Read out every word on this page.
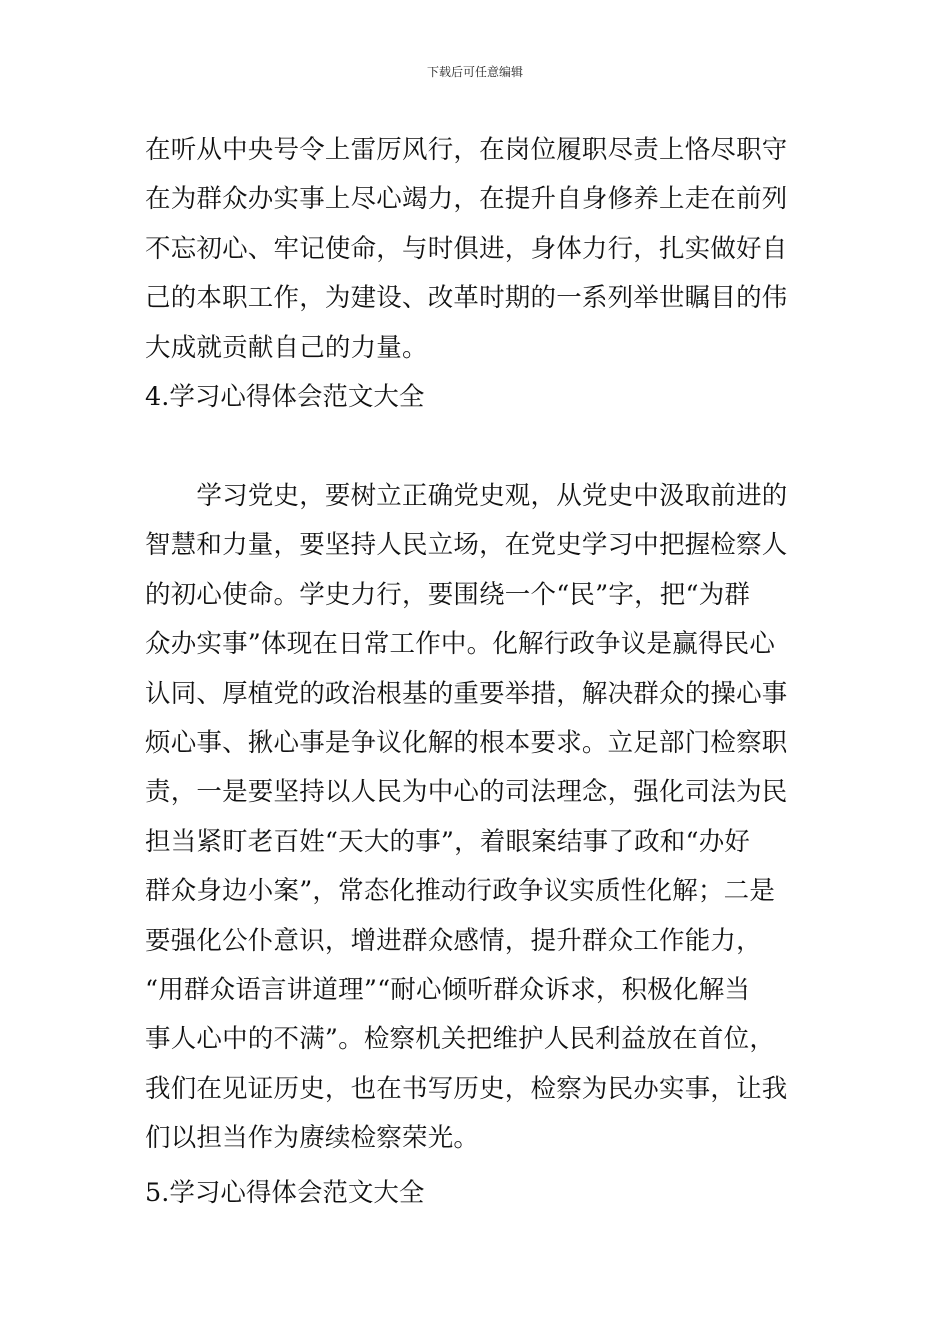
下载后可任意编辑
在听从中央号令上雷厉风行，在岗位履职尽责上恪尽职守
在为群众办实事上尽心竭力，在提升自身修养上走在前列
不忘初心、牢记使命，与时俱进，身体力行，扎实做好自
己的本职工作，为建设、改革时期的一系列举世瞩目的伟
大成就贡献自己的力量。
4.学习心得体会范文大全
　　学习党史，要树立正确党史观，从党史中汲取前进的
智慧和力量，要坚持人民立场，在党史学习中把握检察人
的初心使命。学史力行，要围绕一个“民”字，把“为群
众办实事”体现在日常工作中。化解行政争议是赢得民心
认同、厚植党的政治根基的重要举措，解决群众的操心事
烦心事、揪心事是争议化解的根本要求。立足部门检察职
责，一是要坚持以人民为中心的司法理念，强化司法为民
担当紧盯老百姓“天大的事”，着眼案结事了政和“办好
群众身边小案”，常态化推动行政争议实质性化解；二是
要强化公仆意识，增进群众感情，提升群众工作能力，
“用群众语言讲道理”“耐心倾听群众诉求，积极化解当
事人心中的不满”。检察机关把维护人民利益放在首位，
我们在见证历史，也在书写历史，检察为民办实事，让我
们以担当作为赓续检察荣光。
5.学习心得体会范文大全
